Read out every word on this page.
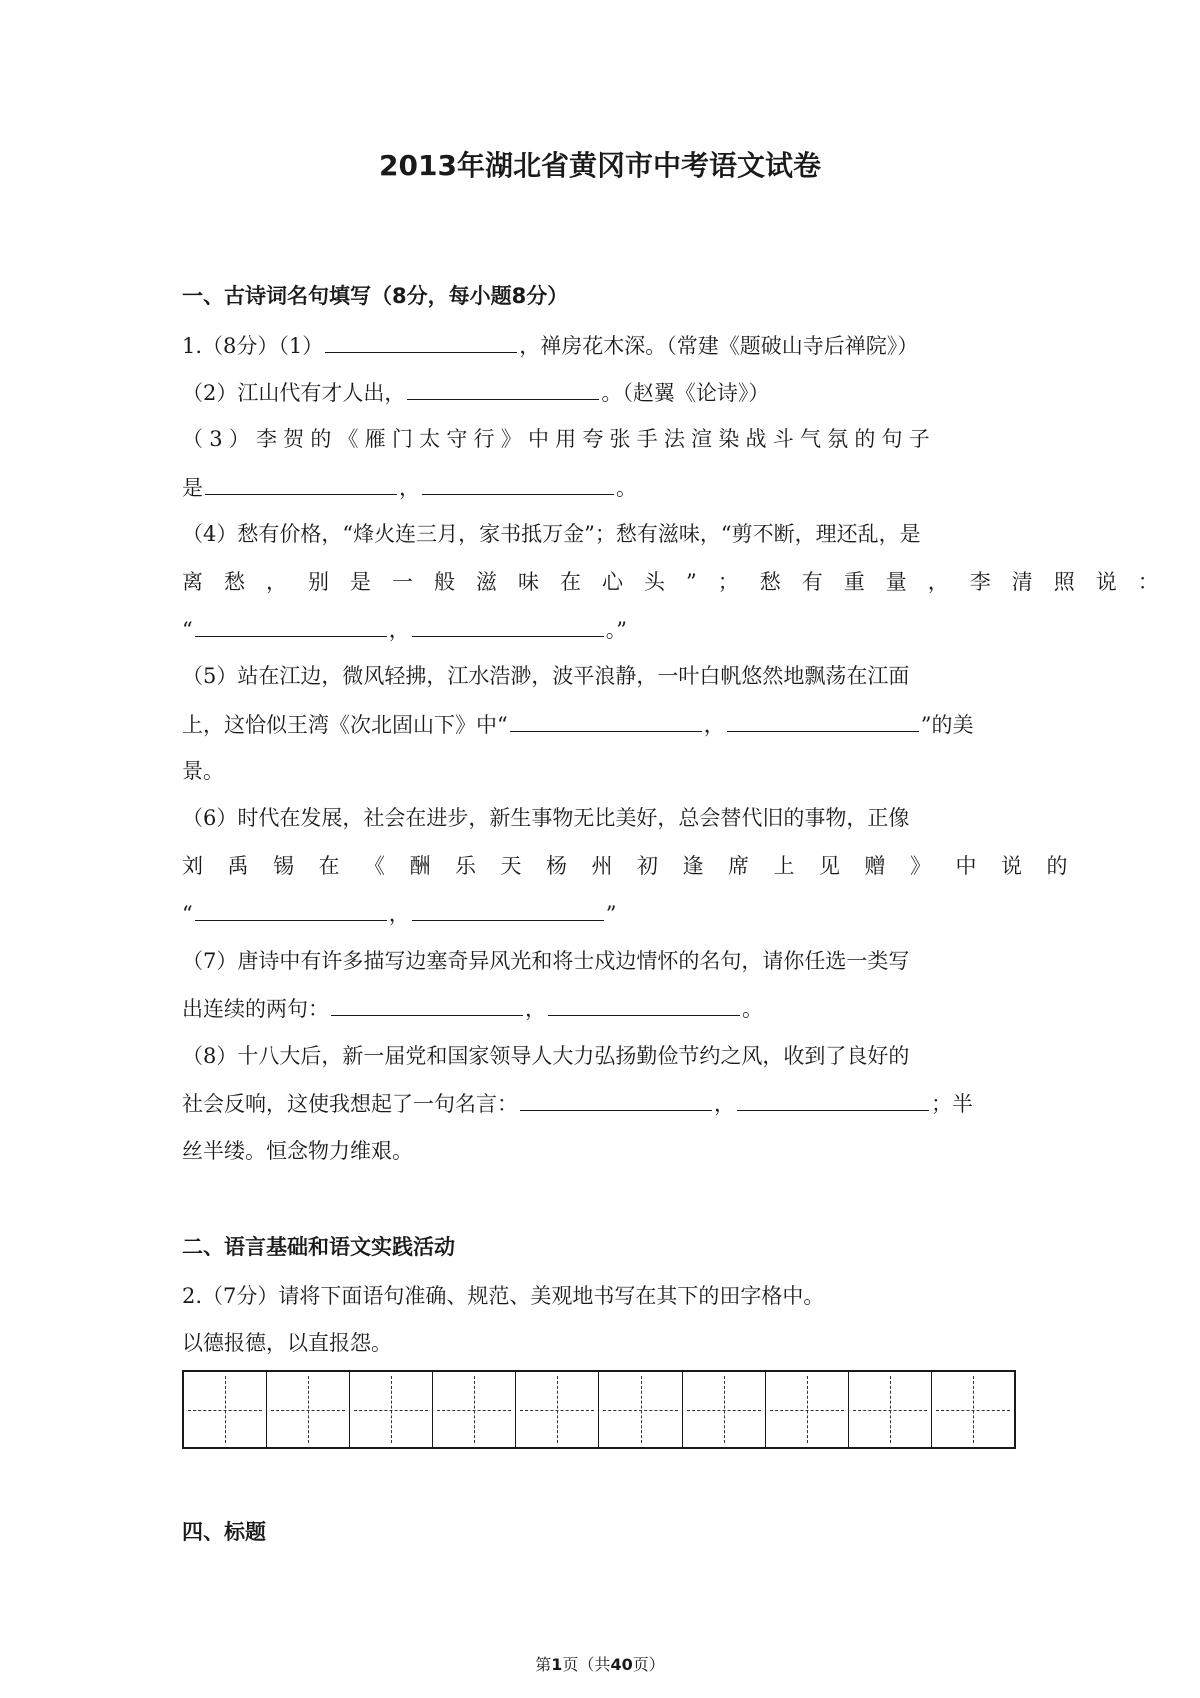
2013年湖北省黄冈市中考语文试卷
一、古诗词名句填写（8分，每小题8分）
1.（8分）（1）	，禅房花木深。（常建《题破山寺后禅院》）
（2）江山代有才人出，	。（赵翼《论诗》）
（3）李贺的《雁门太守行》中用夸张手法渲染战斗气氛的句子
是	，	。
（4）愁有价格，“烽火连三月，家书抵万金”；愁有滋味，“剪不断，理还乱，是
离愁，别是一般滋味在心头”；愁有重量，李清照说：
“	，	。”
（5）站在江边，微风轻拂，江水浩渺，波平浪静，一叶白帆悠然地飘荡在江面
上，这恰似王湾《次北固山下》中“	，	”的美
景。
（6）时代在发展，社会在进步，新生事物无比美好，总会替代旧的事物，正像
刘禹锡在《酬乐天杨州初逢席上见赠》中说的
“	，	”
（7）唐诗中有许多描写边塞奇异风光和将士戍边情怀的名句，请你任选一类写
出连续的两句：	，	。
（8）十八大后，新一届党和国家领导人大力弘扬勤俭节约之风，收到了良好的
社会反响，这使我想起了一句名言：	，	；半
丝半缕。恒念物力维艰。
二、语言基础和语文实践活动
2.（7分）请将下面语句准确、规范、美观地书写在其下的田字格中。
以德报德，以直报怨。
四、标题
第1页（共40页）
